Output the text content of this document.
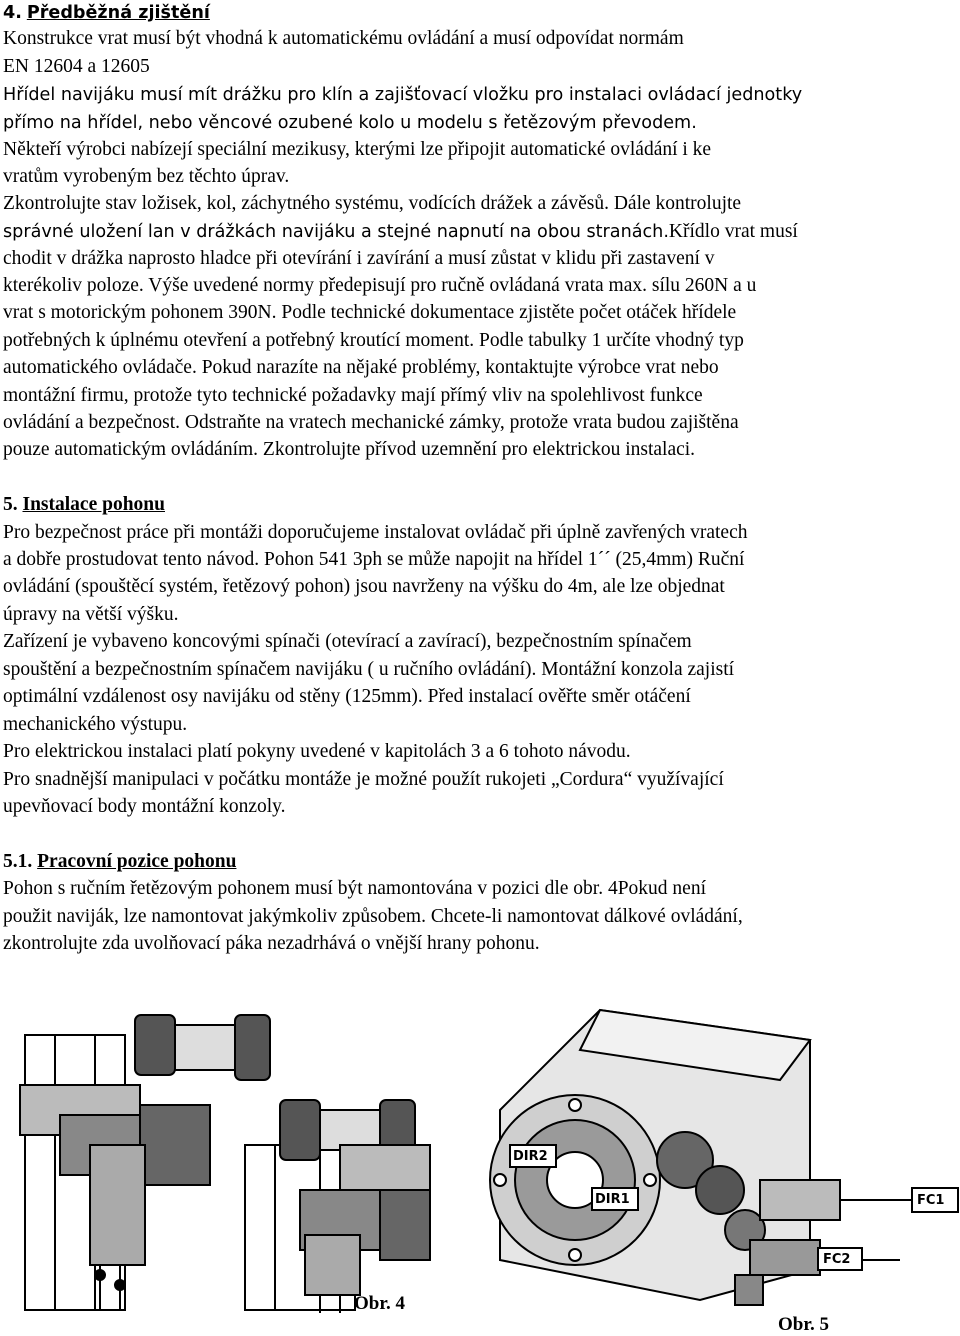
4. Předběžná zjištění
Konstrukce vrat musí být vhodná k automatickému ovládání a musí odpovídat normám
EN 12604 a 12605
Hřídel navijáku musí mít drážku pro klín a zajišťovací vložku pro instalaci ovládací jednotky
přímo na hřídel, nebo věncové ozubené kolo u modelu s řetězovým převodem.
Někteří výrobci nabízejí speciální mezikusy, kterými lze připojit automatické ovládání i ke
vratům vyrobeným bez těchto úprav.
Zkontrolujte stav ložisek, kol, záchytného systému, vodících drážek a závěsů. Dále kontrolujte
správné uložení lan v drážkách navijáku a stejné napnutí na obou stranách.Křídlo vrat musí
chodit v drážka naprosto hladce při otevírání i zavírání a musí zůstat v klidu při zastavení v
kterékoliv poloze. Výše uvedené normy předepisují pro ručně ovládaná vrata max. sílu 260N a u
vrat s motorickým pohonem 390N. Podle technické dokumentace zjistěte počet otáček hřídele
potřebných k úplnému otevření a potřebný kroutící moment. Podle tabulky 1 určíte vhodný typ
automatického ovládače. Pokud narazíte na nějaké problémy, kontaktujte výrobce vrat nebo
montážní firmu, protože tyto technické požadavky mají přímý vliv na spolehlivost funkce
ovládání a bezpečnost. Odstraňte na vratech mechanické zámky, protože vrata budou zajištěna
pouze automatickým ovládáním. Zkontrolujte přívod uzemnění pro elektrickou instalaci.
5. Instalace pohonu
Pro bezpečnost práce při montáži doporučujeme instalovat ovládač při úplně zavřených vratech
a dobře prostudovat tento návod. Pohon 541 3ph se může napojit na hřídel 1´´ (25,4mm) Ruční
ovládání (spouštěcí systém, řetězový pohon) jsou navrženy na výšku do 4m, ale lze objednat
úpravy na větší výšku.
Zařízení je vybaveno koncovými spínači (otevírací a zavírací), bezpečnostním spínačem
spouštění a bezpečnostním spínačem navijáku ( u ručního ovládání). Montážní konzola zajistí
optimální vzdálenost osy navijáku od stěny (125mm). Před instalací ověřte směr otáčení
mechanického výstupu.
Pro elektrickou instalaci platí pokyny uvedené v kapitolách 3 a 6 tohoto návodu.
Pro snadnější manipulaci v počátku montáže je možné použít rukojeti „Cordura“ využívající
upevňovací body montážní konzoly.
5.1. Pracovní pozice pohonu
Pohon s ručním řetězovým pohonem musí být namontována v pozici dle obr. 4Pokud není
použit naviják, lze namontovat jakýmkoliv způsobem. Chcete-li namontovat dálkové ovládání,
zkontrolujte zda uvolňovací páka nezadrhává o vnější hrany pohonu.
Obr. 4
DIR2
DIR1	FC1
FC2
Obr. 5
